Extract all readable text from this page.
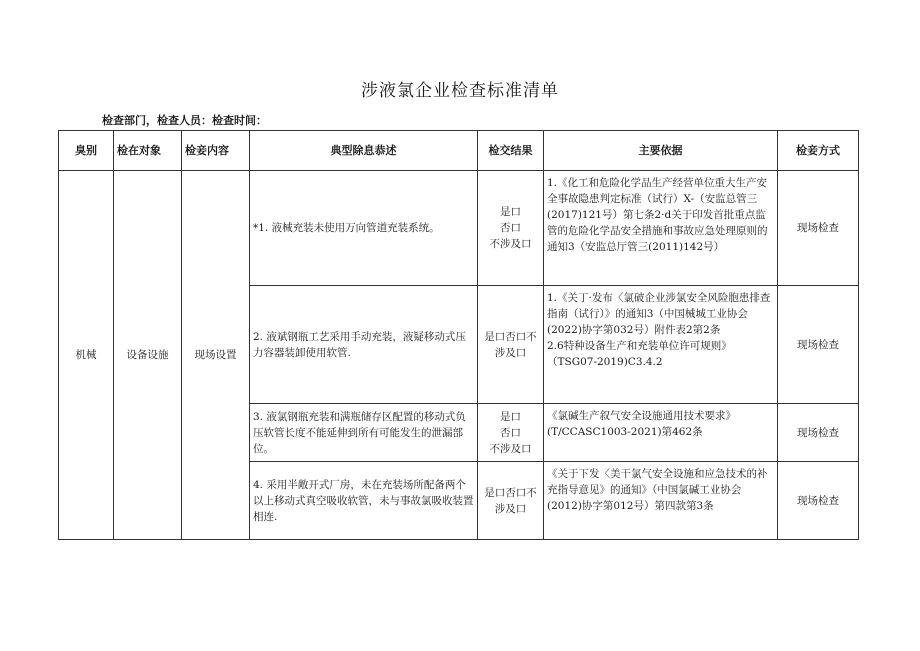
涉液氯企业检查标准清单
检查部门，检查人员：检查时间：
臭别	检在对象	检妾内容	典型除息恭述	检交结果	主要依据	检妾方式
机械	设备设施	现场设置	*1. 液械充装未使用万向管道充装系统。	是口
否口
不涉及口	1.《化工和危险化学品生产经营单位重大生产安全事故隐患判定标准（试行）X-（安监总管三(2017)121号）第七条2·d关于印发首批重点监管的危险化学品安全措施和事故应急处理原则的通知3（安监总厅管三(2011)142号）	现场检查
			2. 液斌钢瓶工艺采用手动充装，液疑移动式压力容器装卸使用软管.	是口否口不
涉及口	1.《关丁·发布〈氯破企业涉氯安全风险胞患排查指南（试行）》的通知3（中国械城工业协会(2022)协字第032号）附件表2第2条
2.6特种设备生产和充装单位许可规则》（TSG07-2019)C3.4.2	现场检查
			3. 液氯钢瓶充装和满瓶储存区配置的移动式负压软管长度不能延伸到所有可能发生的泄漏部位。	是口
否口
不涉及口	《氯碱生产叙气安全设施通用技术要求》(T/CCASC1003-2021)第462条	现场检查
			4. 采用半敞开式厂房，未在充装场所配备两个以上移动式真空吸收软管，未与事故氯吸收装置相连.	是口否口不
涉及口	《关于下发〈美干氯气安全设施和应急技术的补充指导意见》的通知》（中国氯碱工业协会(2012)协字第012号）第四款第3条	现场检查
